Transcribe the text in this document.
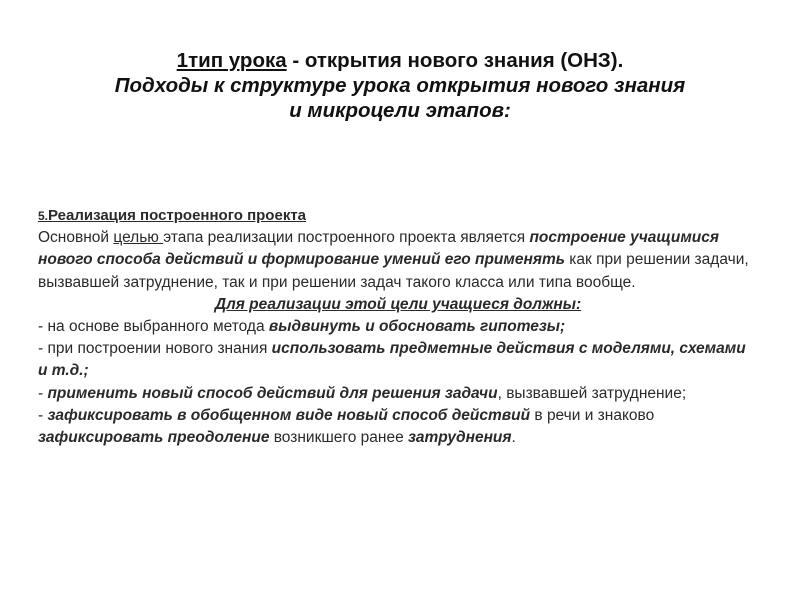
1тип урока - открытия нового знания (ОНЗ).
Подходы к структуре урока открытия нового знания
и микроцели этапов:

5.Реализация построенного проекта

Основной целью этапа реализации построенного проекта является построение учащимися нового способа действий и формирование умений его применять как при решении задачи, вызвавшей затруднение, так и при решении задач такого класса или типа вообще.

Для реализации этой цели учащиеся должны:

- на основе выбранного метода выдвинуть и обосновать гипотезы;

- при построении нового знания использовать предметные действия с моделями, схемами и т.д.;

- применить новый способ действий для решения задачи, вызвавшей затруднение;

- зафиксировать в обобщенном виде новый способ действий в речи и знаково

зафиксировать преодоление возникшего ранее затруднения.
